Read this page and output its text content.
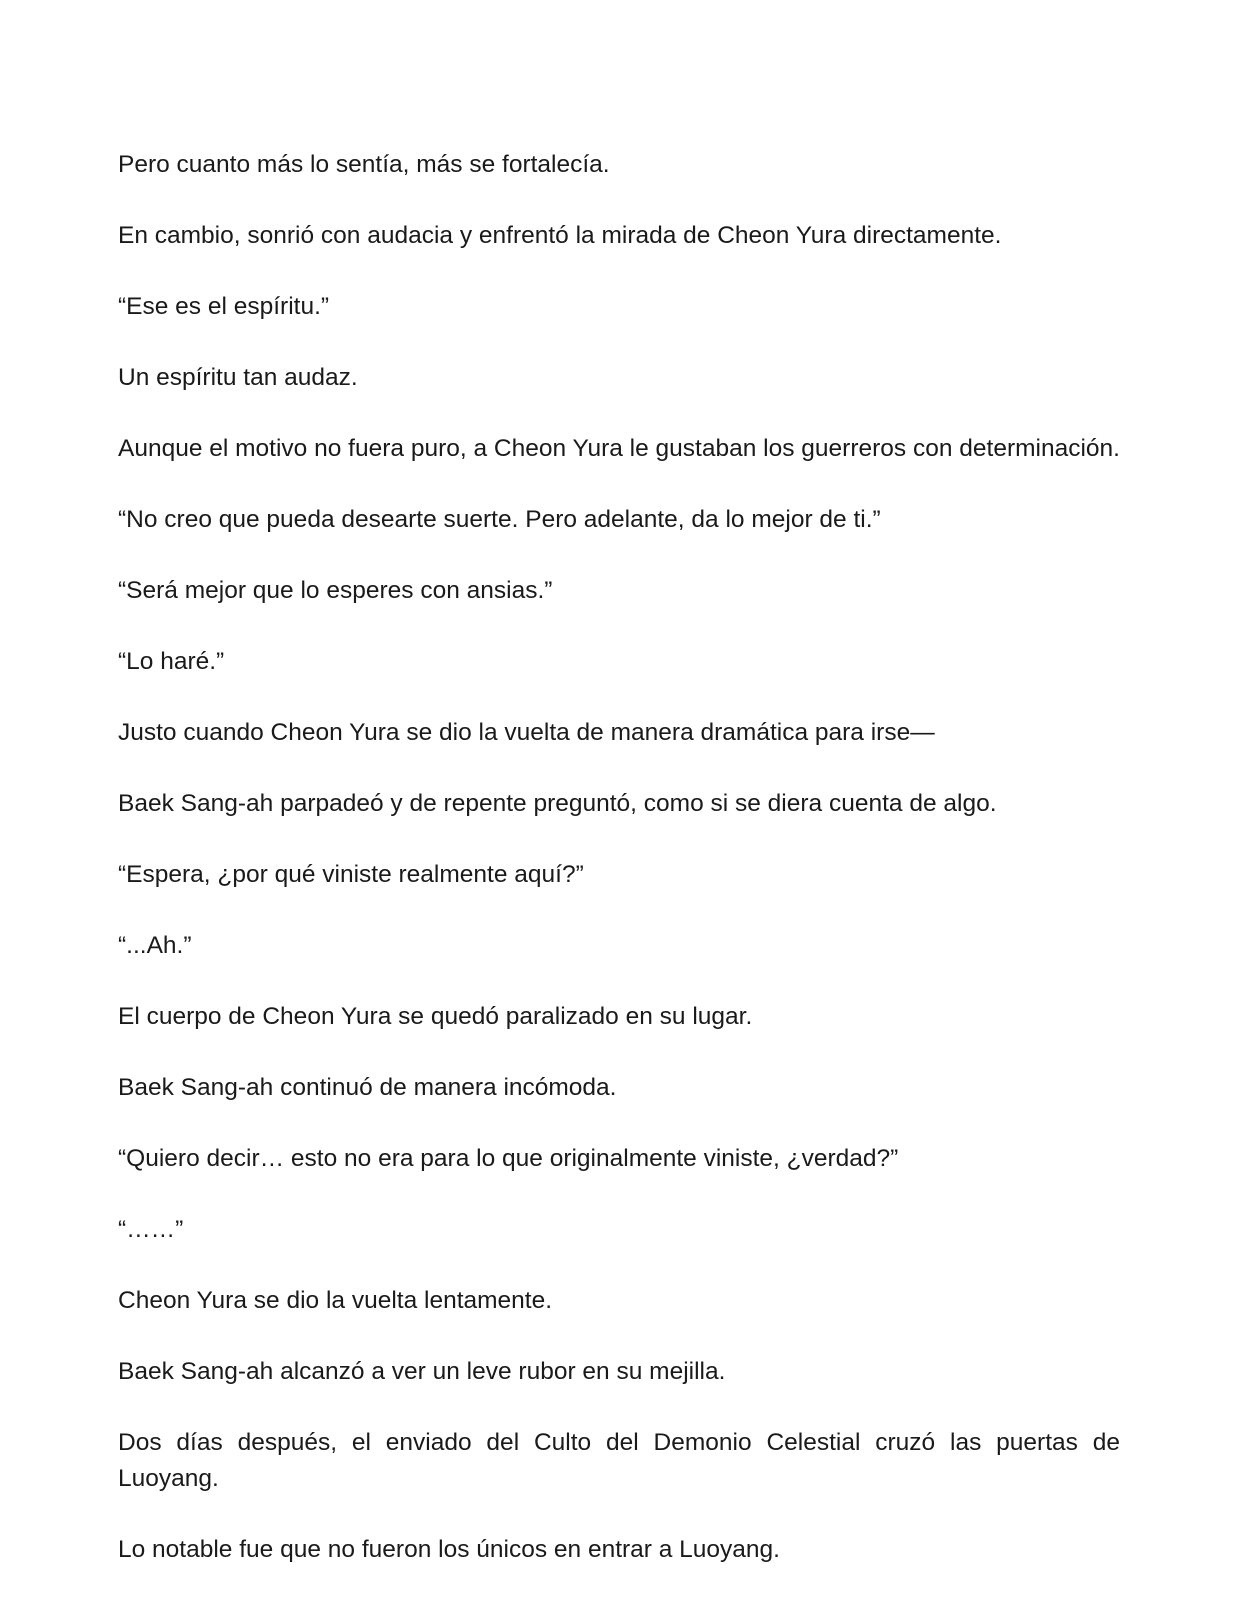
Pero cuanto más lo sentía, más se fortalecía.

En cambio, sonrió con audacia y enfrentó la mirada de Cheon Yura directamente.

“Ese es el espíritu.”

Un espíritu tan audaz.

Aunque el motivo no fuera puro, a Cheon Yura le gustaban los guerreros con determinación.

“No creo que pueda desearte suerte. Pero adelante, da lo mejor de ti.”

“Será mejor que lo esperes con ansias.”

“Lo haré.”

Justo cuando Cheon Yura se dio la vuelta de manera dramática para irse—

Baek Sang-ah parpadeó y de repente preguntó, como si se diera cuenta de algo.

“Espera, ¿por qué viniste realmente aquí?”

“...Ah.”

El cuerpo de Cheon Yura se quedó paralizado en su lugar.

Baek Sang-ah continuó de manera incómoda.

“Quiero decir… esto no era para lo que originalmente viniste, ¿verdad?”

“……”

Cheon Yura se dio la vuelta lentamente.

Baek Sang-ah alcanzó a ver un leve rubor en su mejilla.

Dos días después, el enviado del Culto del Demonio Celestial cruzó las puertas de Luoyang.

Lo notable fue que no fueron los únicos en entrar a Luoyang.
